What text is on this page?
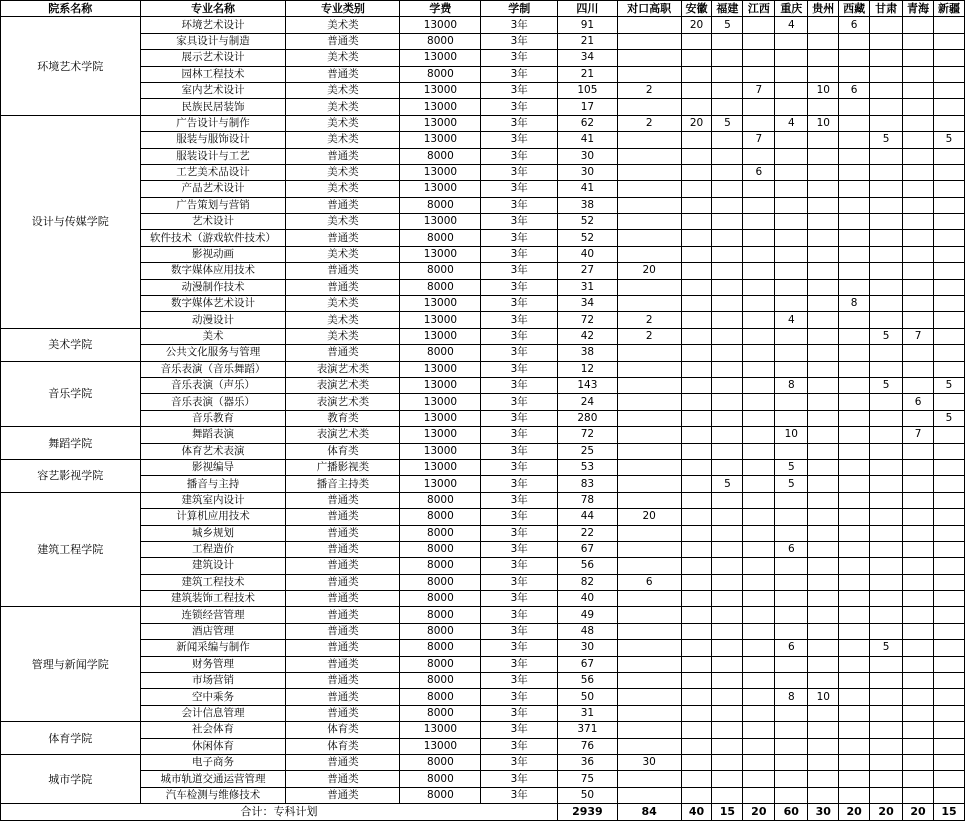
院系名称	专业名称	专业类别	学费	学制	四川	对口高职	安徽	福建	江西	重庆	贵州	西藏	甘肃	青海	新疆
环境艺术学院	环境艺术设计	美术类	13000	3年	91		20	5		4		6			
	家具设计与制造	普通类	8000	3年	21										
	展示艺术设计	美术类	13000	3年	34										
	园林工程技术	普通类	8000	3年	21										
	室内艺术设计	美术类	13000	3年	105	2			7		10	6			
	民族民居装饰	美术类	13000	3年	17										
设计与传媒学院	广告设计与制作	美术类	13000	3年	62	2	20	5		4	10				
	服装与服饰设计	美术类	13000	3年	41				7				5		5
	服装设计与工艺	普通类	8000	3年	30										
	工艺美术品设计	美术类	13000	3年	30				6						
	产品艺术设计	美术类	13000	3年	41										
	广告策划与营销	普通类	8000	3年	38										
	艺术设计	美术类	13000	3年	52										
	软件技术（游戏软件技术）	普通类	8000	3年	52										
	影视动画	美术类	13000	3年	40										
	数字媒体应用技术	普通类	8000	3年	27	20									
	动漫制作技术	普通类	8000	3年	31										
	数字媒体艺术设计	美术类	13000	3年	34							8			
	动漫设计	美术类	13000	3年	72	2				4					
美术学院	美术	美术类	13000	3年	42	2							5	7	
	公共文化服务与管理	普通类	8000	3年	38										
音乐学院	音乐表演（音乐舞蹈）	表演艺术类	13000	3年	12										
	音乐表演（声乐）	表演艺术类	13000	3年	143					8			5		5
	音乐表演（器乐）	表演艺术类	13000	3年	24									6	
	音乐教育	教育类	13000	3年	280										5
舞蹈学院	舞蹈表演	表演艺术类	13000	3年	72					10				7	
	体育艺术表演	体育类	13000	3年	25										
容艺影视学院	影视编导	广播影视类	13000	3年	53					5					
	播音与主持	播音主持类	13000	3年	83			5		5					
建筑工程学院	建筑室内设计	普通类	8000	3年	78										
	计算机应用技术	普通类	8000	3年	44	20									
	城乡规划	普通类	8000	3年	22										
	工程造价	普通类	8000	3年	67					6					
	建筑设计	普通类	8000	3年	56										
	建筑工程技术	普通类	8000	3年	82	6									
	建筑装饰工程技术	普通类	8000	3年	40										
管理与新闻学院	连锁经营管理	普通类	8000	3年	49										
	酒店管理	普通类	8000	3年	48										
	新闻采编与制作	普通类	8000	3年	30					6			5		
	财务管理	普通类	8000	3年	67										
	市场营销	普通类	8000	3年	56										
	空中乘务	普通类	8000	3年	50					8	10				
	会计信息管理	普通类	8000	3年	31										
体育学院	社会体育	体育类	13000	3年	371										
	休闲体育	体育类	13000	3年	76										
城市学院	电子商务	普通类	8000	3年	36	30									
	城市轨道交通运营管理	普通类	8000	3年	75										
	汽车检测与维修技术	普通类	8000	3年	50										
合计：专科计划					2939	84	40	15	20	60	30	20	20	20	15
